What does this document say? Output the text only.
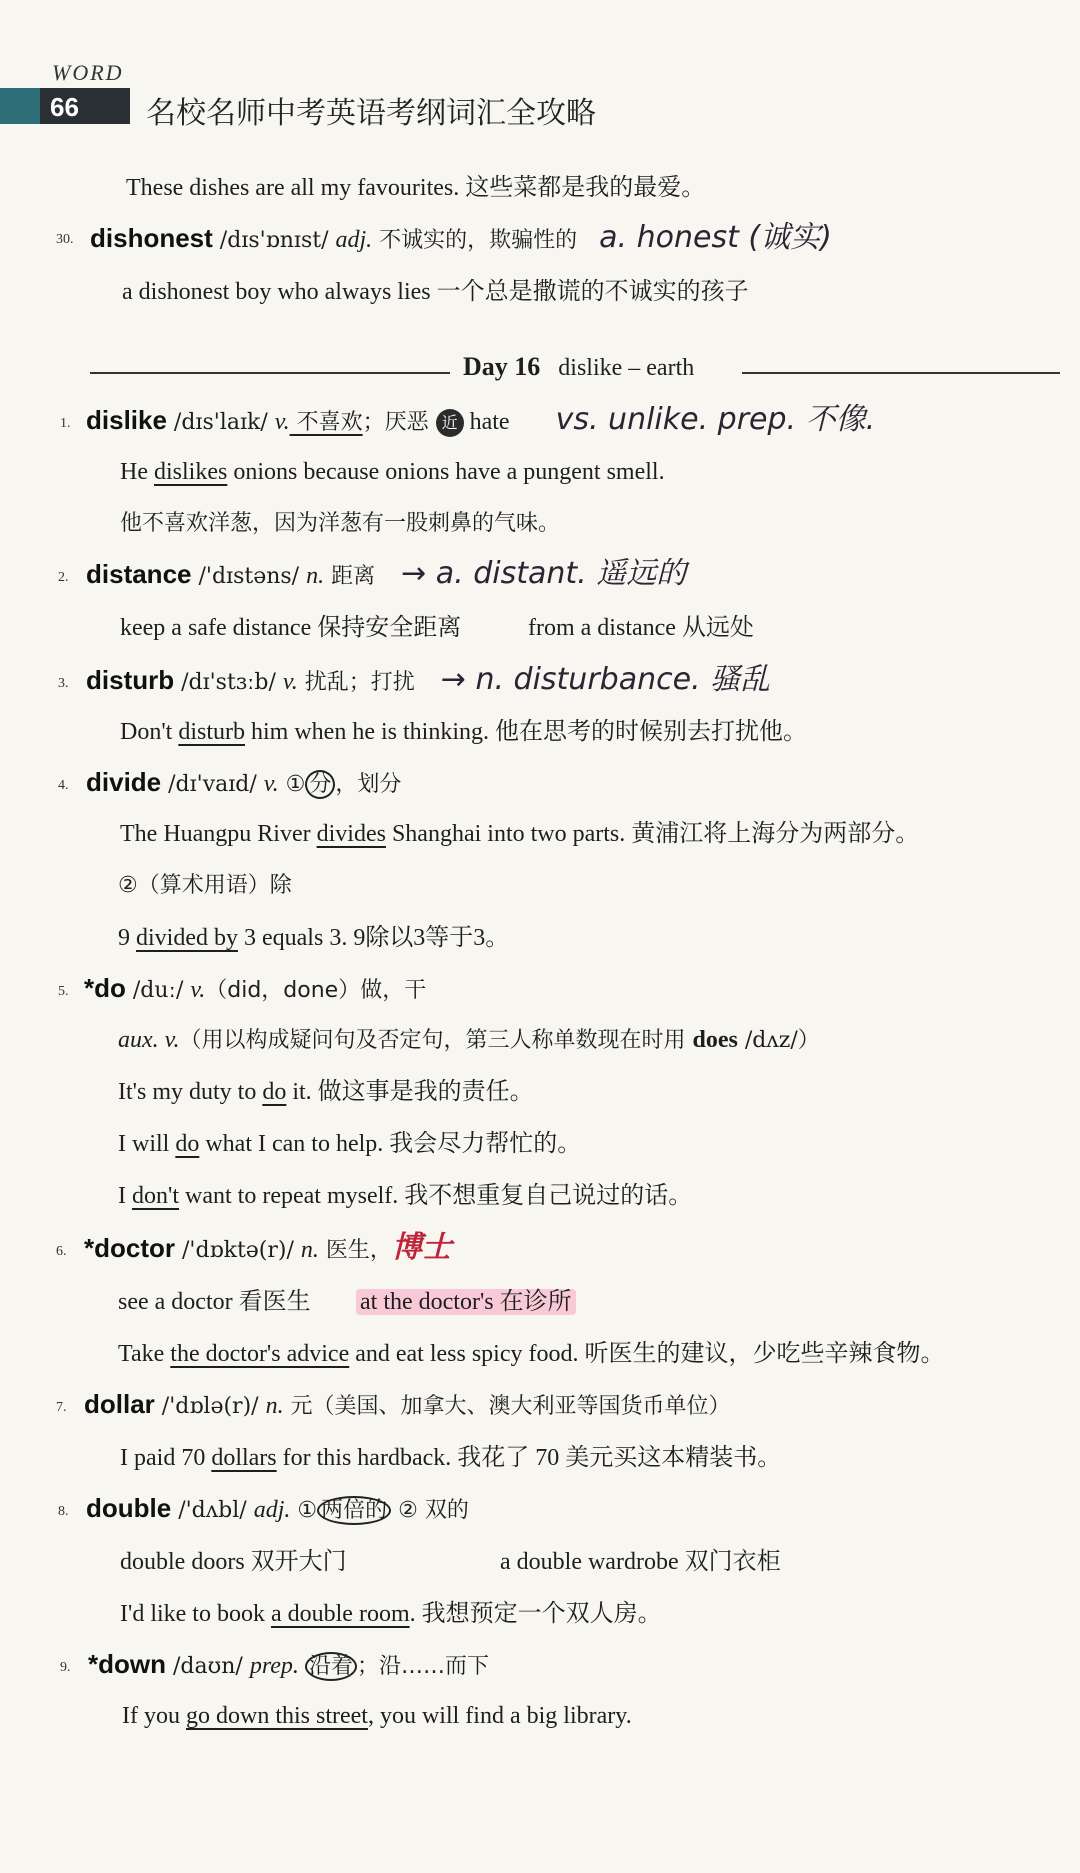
WORD
66 名校名师中考英语考纲词汇全攻略
These dishes are all my favourites. 这些菜都是我的最爱。
30. dishonest /dɪs'ɒnɪst/ adj. 不诚实的，欺骗性的 a. honest (诚实)
a dishonest boy who always lies 一个总是撒谎的不诚实的孩子
Day 16 dislike – earth
1. dislike /dɪs'laɪk/ v. 不喜欢；厌恶 近 hate vs. unlike. prep. 不像.
He dislikes onions because onions have a pungent smell.
他不喜欢洋葱，因为洋葱有一股刺鼻的气味。
2. distance /'dɪstəns/ n. 距离 → a. distant. 遥远的
keep a safe distance 保持安全距离	from a distance 从远处
3. disturb /dɪ'stɜːb/ v. 扰乱；打扰 → n. disturbance. 骚乱
Don't disturb him when he is thinking. 他在思考的时候别去打扰他。
4. divide /dɪ'vaɪd/ v. ① 分 ，划分
The Huangpu River divides Shanghai into two parts. 黄浦江将上海分为两部分。
②（算术用语）除
9 divided by 3 equals 3. 9除以3等于3。
5. *do /duː/ v.（did，done）做，干
aux. v.（用以构成疑问句及否定句，第三人称单数现在时用 does /dʌz/）
It's my duty to do it. 做这事是我的责任。
I will do what I can to help. 我会尽力帮忙的。
I don't want to repeat myself. 我不想重复自己说过的话。
6. *doctor /'dɒktə(r)/ n. 医生，博士
see a doctor 看医生 at the doctor's 在诊所
Take the doctor's advice and eat less spicy food. 听医生的建议，少吃些辛辣食物。
7. dollar /'dɒlə(r)/ n. 元（美国、加拿大、澳大利亚等国货币单位）
I paid 70 dollars for this hardback. 我花了 70 美元买这本精装书。
8. double /'dʌbl/ adj. ① 两倍的 ② 双的
double doors 双开大门	a double wardrobe 双门衣柜
I'd like to book a double room. 我想预定一个双人房。
9. *down /daʊn/ prep. 沿着 ；沿……而下
If you go down this street, you will find a big library.
